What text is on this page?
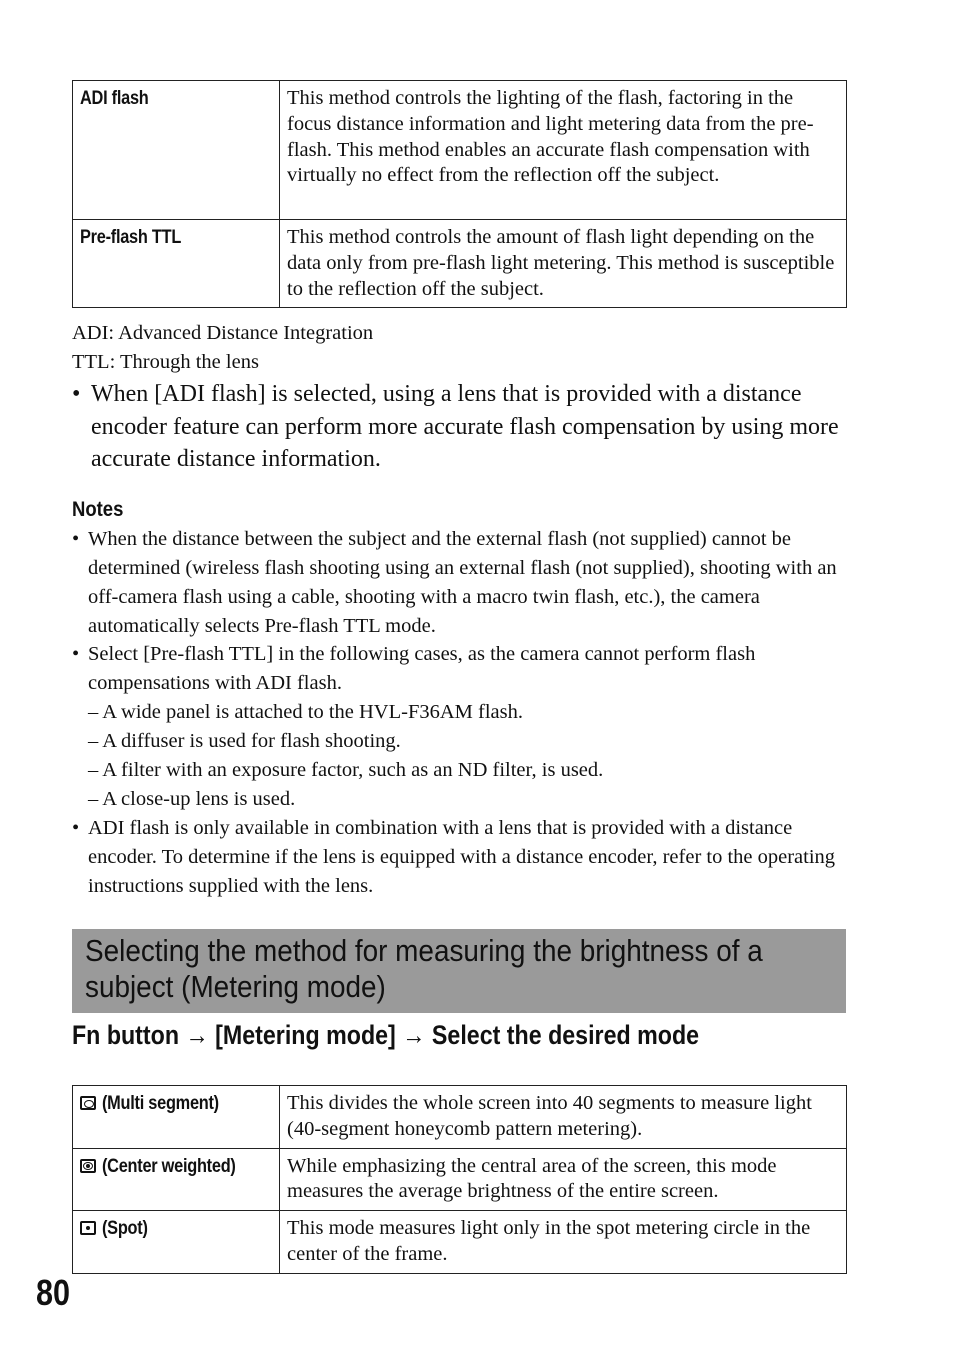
ADI flash	This method controls the lighting of the flash, factoring in the focus distance information and light metering data from the pre-flash. This method enables an accurate flash compensation with virtually no effect from the reflection off the subject.
Pre-flash TTL	This method controls the amount of flash light depending on the data only from pre-flash light metering. This method is susceptible to the reflection off the subject.
ADI: Advanced Distance Integration
TTL: Through the lens
• When [ADI flash] is selected, using a lens that is provided with a distance encoder feature can perform more accurate flash compensation by using more accurate distance information.
Notes
• When the distance between the subject and the external flash (not supplied) cannot be determined (wireless flash shooting using an external flash (not supplied), shooting with an off-camera flash using a cable, shooting with a macro twin flash, etc.), the camera automatically selects Pre-flash TTL mode.
• Select [Pre-flash TTL] in the following cases, as the camera cannot perform flash compensations with ADI flash.
– A wide panel is attached to the HVL-F36AM flash.
– A diffuser is used for flash shooting.
– A filter with an exposure factor, such as an ND filter, is used.
– A close-up lens is used.
• ADI flash is only available in combination with a lens that is provided with a distance encoder. To determine if the lens is equipped with a distance encoder, refer to the operating instructions supplied with the lens.
Selecting the method for measuring the brightness of a subject (Metering mode)
Fn button → [Metering mode] → Select the desired mode
(Multi segment)	This divides the whole screen into 40 segments to measure light (40-segment honeycomb pattern metering).

(Center weighted)	While emphasizing the central area of the screen, this mode measures the average brightness of the entire screen.

(Spot)	This mode measures light only in the spot metering circle in the center of the frame.
80
